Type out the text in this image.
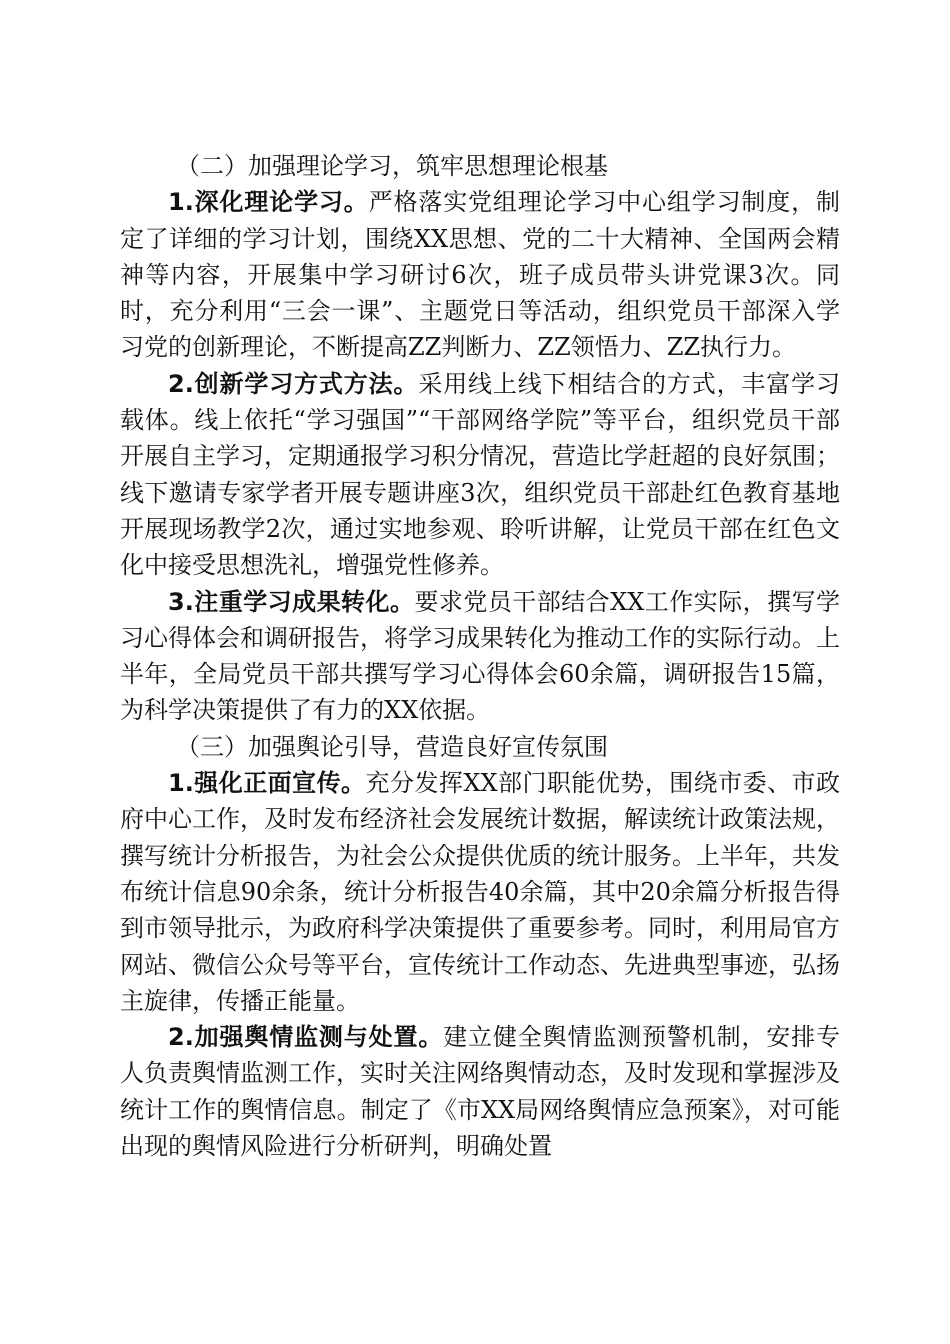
（二）加强理论学习，筑牢思想理论根基

1.深化理论学习。严格落实党组理论学习中心组学习制度，制定了详细的学习计划，围绕XX思想、党的二十大精神、全国两会精神等内容，开展集中学习研讨6次，班子成员带头讲党课3次。同时，充分利用“三会一课”、主题党日等活动，组织党员干部深入学习党的创新理论，不断提高ZZ判断力、ZZ领悟力、ZZ执行力。

2.创新学习方式方法。采用线上线下相结合的方式，丰富学习载体。线上依托“学习强国”“干部网络学院”等平台，组织党员干部开展自主学习，定期通报学习积分情况，营造比学赶超的良好氛围；线下邀请专家学者开展专题讲座3次，组织党员干部赴红色教育基地开展现场教学2次，通过实地参观、聆听讲解，让党员干部在红色文化中接受思想洗礼，增强党性修养。

3.注重学习成果转化。要求党员干部结合XX工作实际，撰写学习心得体会和调研报告，将学习成果转化为推动工作的实际行动。上半年，全局党员干部共撰写学习心得体会60余篇，调研报告15篇，为科学决策提供了有力的XX依据。

（三）加强舆论引导，营造良好宣传氛围

1.强化正面宣传。充分发挥XX部门职能优势，围绕市委、市政府中心工作，及时发布经济社会发展统计数据，解读统计政策法规，撰写统计分析报告，为社会公众提供优质的统计服务。上半年，共发布统计信息90余条，统计分析报告40余篇，其中20余篇分析报告得到市领导批示，为政府科学决策提供了重要参考。同时，利用局官方网站、微信公众号等平台，宣传统计工作动态、先进典型事迹，弘扬主旋律，传播正能量。

2.加强舆情监测与处置。建立健全舆情监测预警机制，安排专人负责舆情监测工作，实时关注网络舆情动态，及时发现和掌握涉及统计工作的舆情信息。制定了《市XX局网络舆情应急预案》，对可能出现的舆情风险进行分析研判，明确处置
